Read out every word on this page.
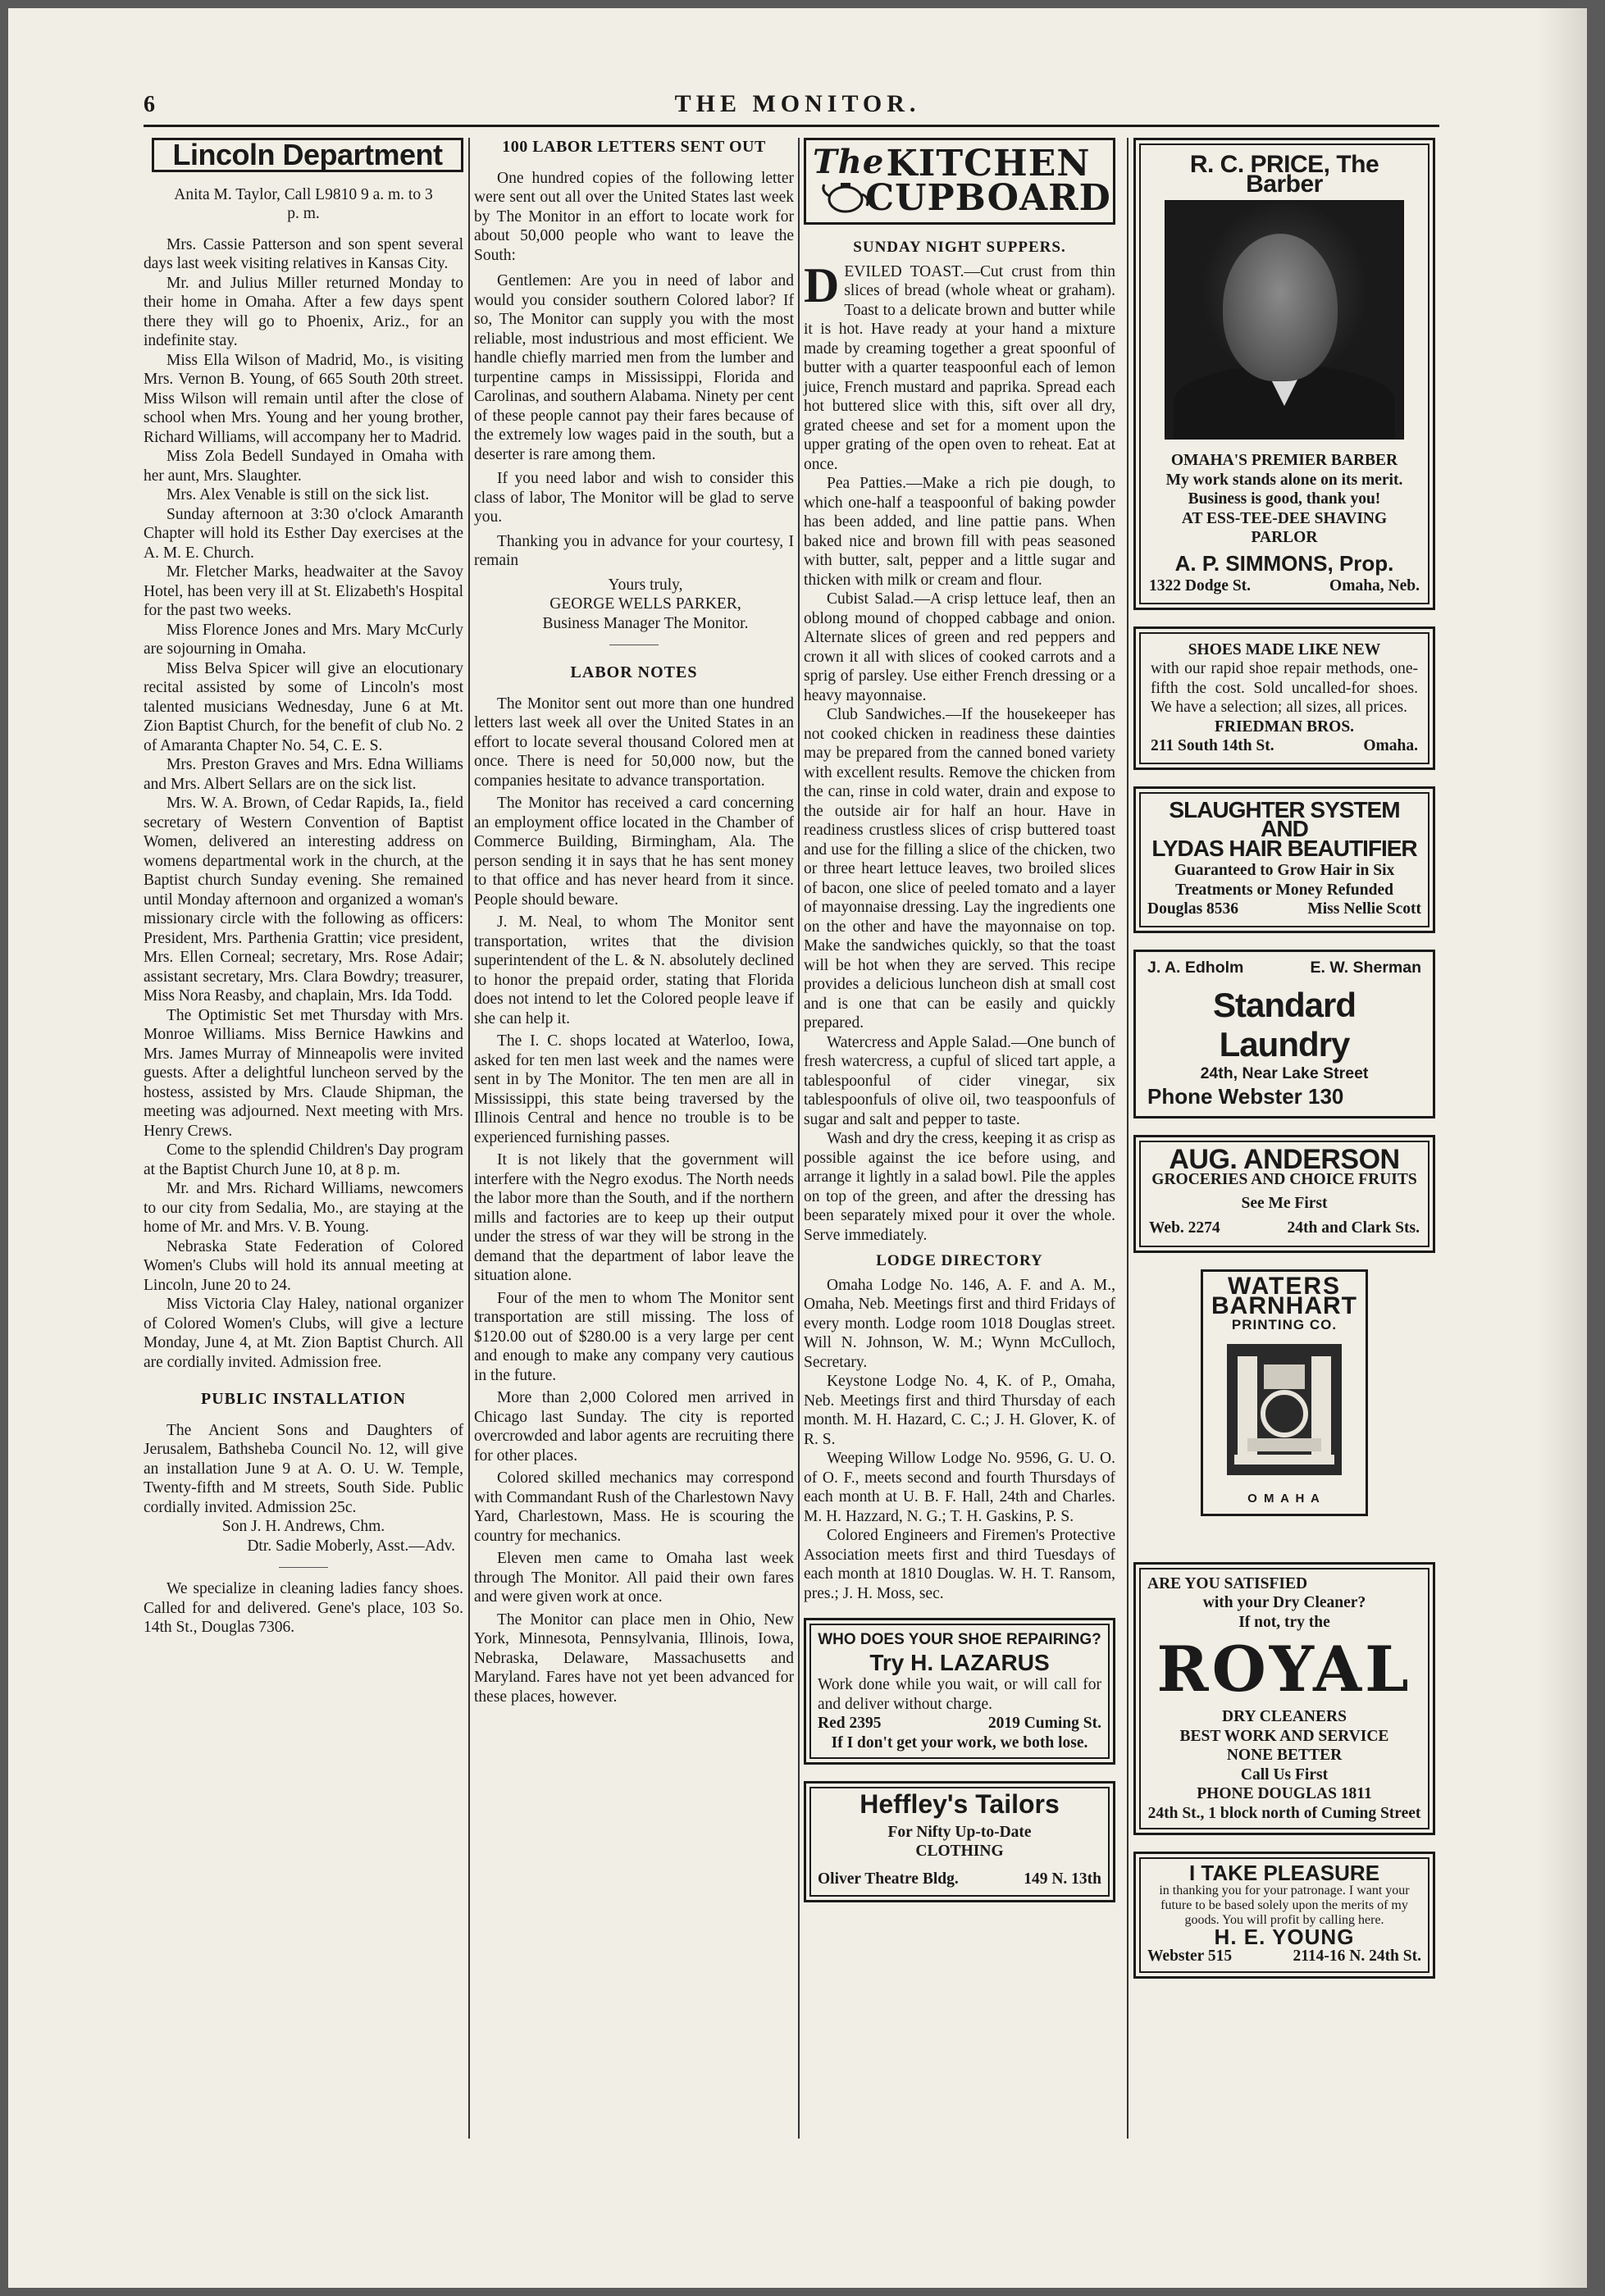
6	THE MONITOR.
Lincoln Department

Anita M. Taylor, Call L9810 9 a. m. to 3 p. m.

Mrs. Cassie Patterson and son spent several days last week visiting relatives in Kansas City.

Mr. and Julius Miller returned Monday to their home in Omaha. After a few days spent there they will go to Phoenix, Ariz., for an indefinite stay.

Miss Ella Wilson of Madrid, Mo., is visiting Mrs. Vernon B. Young, of 665 South 20th street. Miss Wilson will remain until after the close of school when Mrs. Young and her young brother, Richard Williams, will accompany her to Madrid.

Miss Zola Bedell Sundayed in Omaha with her aunt, Mrs. Slaughter.

Mrs. Alex Venable is still on the sick list.

Sunday afternoon at 3:30 o'clock Amaranth Chapter will hold its Esther Day exercises at the A. M. E. Church.

Mr. Fletcher Marks, headwaiter at the Savoy Hotel, has been very ill at St. Elizabeth's Hospital for the past two weeks.

Miss Florence Jones and Mrs. Mary McCurly are sojourning in Omaha.

Miss Belva Spicer will give an elocutionary recital assisted by some of Lincoln's most talented musicians Wednesday, June 6 at Mt. Zion Baptist Church, for the benefit of club No. 2 of Amaranta Chapter No. 54, C. E. S.

Mrs. Preston Graves and Mrs. Edna Williams and Mrs. Albert Sellars are on the sick list.

Mrs. W. A. Brown, of Cedar Rapids, Ia., field secretary of Western Convention of Baptist Women, delivered an interesting address on womens departmental work in the church, at the Baptist church Sunday evening. She remained until Monday afternoon and organized a woman's missionary circle with the following as officers: President, Mrs. Parthenia Grattin; vice president, Mrs. Ellen Corneal; secretary, Mrs. Rose Adair; assistant secretary, Mrs. Clara Bowdry; treasurer, Miss Nora Reasby, and chaplain, Mrs. Ida Todd.

The Optimistic Set met Thursday with Mrs. Monroe Williams. Miss Bernice Hawkins and Mrs. James Murray of Minneapolis were invited guests. After a delightful luncheon served by the hostess, assisted by Mrs. Claude Shipman, the meeting was adjourned. Next meeting with Mrs. Henry Crews.

Come to the splendid Children's Day program at the Baptist Church June 10, at 8 p. m.

Mr. and Mrs. Richard Williams, newcomers to our city from Sedalia, Mo., are staying at the home of Mr. and Mrs. V. B. Young.

Nebraska State Federation of Colored Women's Clubs will hold its annual meeting at Lincoln, June 20 to 24.

Miss Victoria Clay Haley, national organizer of Colored Women's Clubs, will give a lecture Monday, June 4, at Mt. Zion Baptist Church. All are cordially invited. Admission free.

PUBLIC INSTALLATION

The Ancient Sons and Daughters of Jerusalem, Bathsheba Council No. 12, will give an installation June 9 at A. O. U. W. Temple, Twenty-fifth and M streets, South Side. Public cordially invited. Admission 25c.

Son J. H. Andrews, Chm.

Dtr. Sadie Moberly, Asst.—Adv.

We specialize in cleaning ladies fancy shoes. Called for and delivered. Gene's place, 103 So. 14th St., Douglas 7306.

100 LABOR LETTERS SENT OUT

One hundred copies of the following letter were sent out all over the United States last week by The Monitor in an effort to locate work for about 50,000 people who want to leave the South:

Gentlemen: Are you in need of labor and would you consider southern Colored labor? If so, The Monitor can supply you with the most reliable, most industrious and most efficient. We handle chiefly married men from the lumber and turpentine camps in Mississippi, Florida and Carolinas, and southern Alabama. Ninety per cent of these people cannot pay their fares because of the extremely low wages paid in the south, but a deserter is rare among them.

If you need labor and wish to consider this class of labor, The Monitor will be glad to serve you.

Thanking you in advance for your courtesy, I remain

Yours truly,

GEORGE WELLS PARKER,

Business Manager The Monitor.

LABOR NOTES

The Monitor sent out more than one hundred letters last week all over the United States in an effort to locate several thousand Colored men at once. There is need for 50,000 now, but the companies hesitate to advance transportation.

The Monitor has received a card concerning an employment office located in the Chamber of Commerce Building, Birmingham, Ala. The person sending it in says that he has sent money to that office and has never heard from it since. People should beware.

J. M. Neal, to whom The Monitor sent transportation, writes that the division superintendent of the L. & N. absolutely declined to honor the prepaid order, stating that Florida does not intend to let the Colored people leave if she can help it.

The I. C. shops located at Waterloo, Iowa, asked for ten men last week and the names were sent in by The Monitor. The ten men are all in Mississippi, this state being traversed by the Illinois Central and hence no trouble is to be experienced furnishing passes.

It is not likely that the government will interfere with the Negro exodus. The North needs the labor more than the South, and if the northern mills and factories are to keep up their output under the stress of war they will be strong in the demand that the department of labor leave the situation alone.

Four of the men to whom The Monitor sent transportation are still missing. The loss of $120.00 out of $280.00 is a very large per cent and enough to make any company very cautious in the future.

More than 2,000 Colored men arrived in Chicago last Sunday. The city is reported overcrowded and labor agents are recruiting there for other places.

Colored skilled mechanics may correspond with Commandant Rush of the Charlestown Navy Yard, Charlestown, Mass. He is scouring the country for mechanics.

Eleven men came to Omaha last week through The Monitor. All paid their own fares and were given work at once.

The Monitor can place men in Ohio, New York, Minnesota, Pennsylvania, Illinois, Iowa, Nebraska, Delaware, Massachusetts and Maryland. Fares have not yet been advanced for these places, however.

The KITCHEN
CUPBOARD
SUNDAY NIGHT SUPPERS.

DEVILED TOAST.—Cut crust from thin slices of bread (whole wheat or graham). Toast to a delicate brown and butter while it is hot. Have ready at your hand a mixture made by creaming together a great spoonful of butter with a quarter teaspoonful each of lemon juice, French mustard and paprika. Spread each hot buttered slice with this, sift over all dry, grated cheese and set for a moment upon the upper grating of the open oven to reheat. Eat at once.

Pea Patties.—Make a rich pie dough, to which one-half a teaspoonful of baking powder has been added, and line pattie pans. When baked nice and brown fill with peas seasoned with butter, salt, pepper and a little sugar and thicken with milk or cream and flour.

Cubist Salad.—A crisp lettuce leaf, then an oblong mound of chopped cabbage and onion. Alternate slices of green and red peppers and crown it all with slices of cooked carrots and a sprig of parsley. Use either French dressing or a heavy mayonnaise.

Club Sandwiches.—If the housekeeper has not cooked chicken in readiness these dainties may be prepared from the canned boned variety with excellent results. Remove the chicken from the can, rinse in cold water, drain and expose to the outside air for half an hour. Have in readiness crustless slices of crisp buttered toast and use for the filling a slice of the chicken, two or three heart lettuce leaves, two broiled slices of bacon, one slice of peeled tomato and a layer of mayonnaise dressing. Lay the ingredients one on the other and have the mayonnaise on top. Make the sandwiches quickly, so that the toast will be hot when they are served. This recipe provides a delicious luncheon dish at small cost and is one that can be easily and quickly prepared.

Watercress and Apple Salad.—One bunch of fresh watercress, a cupful of sliced tart apple, a tablespoonful of cider vinegar, six tablespoonfuls of olive oil, two teaspoonfuls of sugar and salt and pepper to taste.

Wash and dry the cress, keeping it as crisp as possible against the ice before using, and arrange it lightly in a salad bowl. Pile the apples on top of the green, and after the dressing has been separately mixed pour it over the whole. Serve immediately.

LODGE DIRECTORY

Omaha Lodge No. 146, A. F. and A. M., Omaha, Neb. Meetings first and third Fridays of every month. Lodge room 1018 Douglas street. Will N. Johnson, W. M.; Wynn McCulloch, Secretary.

Keystone Lodge No. 4, K. of P., Omaha, Neb. Meetings first and third Thursday of each month. M. H. Hazard, C. C.; J. H. Glover, K. of R. S.

Weeping Willow Lodge No. 9596, G. U. O. of O. F., meets second and fourth Thursdays of each month at U. B. F. Hall, 24th and Charles. M. H. Hazzard, N. G.; T. H. Gaskins, P. S.

Colored Engineers and Firemen's Protective Association meets first and third Tuesdays of each month at 1810 Douglas. W. H. T. Ransom, pres.; J. H. Moss, sec.

WHO DOES YOUR SHOE REPAIRING?
Try H. LAZARUS
Work done while you wait, or will call for and deliver without charge.
Red 2395	2019 Cuming St.
If I don't get your work, we both lose.
Heffley's Tailors
For Nifty Up-to-Date
CLOTHING
Oliver Theatre Bldg.	149 N. 13th
R. C. PRICE, The Barber
OMAHA'S PREMIER BARBER
My work stands alone on its merit.
Business is good, thank you!
AT ESS-TEE-DEE SHAVING PARLOR
A. P. SIMMONS, Prop.
1322 Dodge St.	Omaha, Neb.
SHOES MADE LIKE NEW
with our rapid shoe repair methods, one-fifth the cost. Sold uncalled-for shoes. We have a selection; all sizes, all prices.
FRIEDMAN BROS.
211 South 14th St.	Omaha.
SLAUGHTER SYSTEM AND
LYDAS HAIR BEAUTIFIER
Guaranteed to Grow Hair in Six Treatments or Money Refunded
Douglas 8536	Miss Nellie Scott
J. A. Edholm	E. W. Sherman
Standard Laundry
24th, Near Lake Street
Phone Webster 130
AUG. ANDERSON
GROCERIES AND CHOICE FRUITS
See Me First
Web. 2274	24th and Clark Sts.
WATERS
BARNHART
PRINTING CO.
O M A H A
ARE YOU SATISFIED
with your Dry Cleaner?
If not, try the
ROYAL
DRY CLEANERS
BEST WORK AND SERVICE
NONE BETTER
Call Us First
PHONE DOUGLAS 1811
24th St., 1 block north of Cuming Street
I TAKE PLEASURE
in thanking you for your patronage. I want your future to be based solely upon the merits of my goods. You will profit by calling here.
H. E. YOUNG
Webster 515	2114-16 N. 24th St.
